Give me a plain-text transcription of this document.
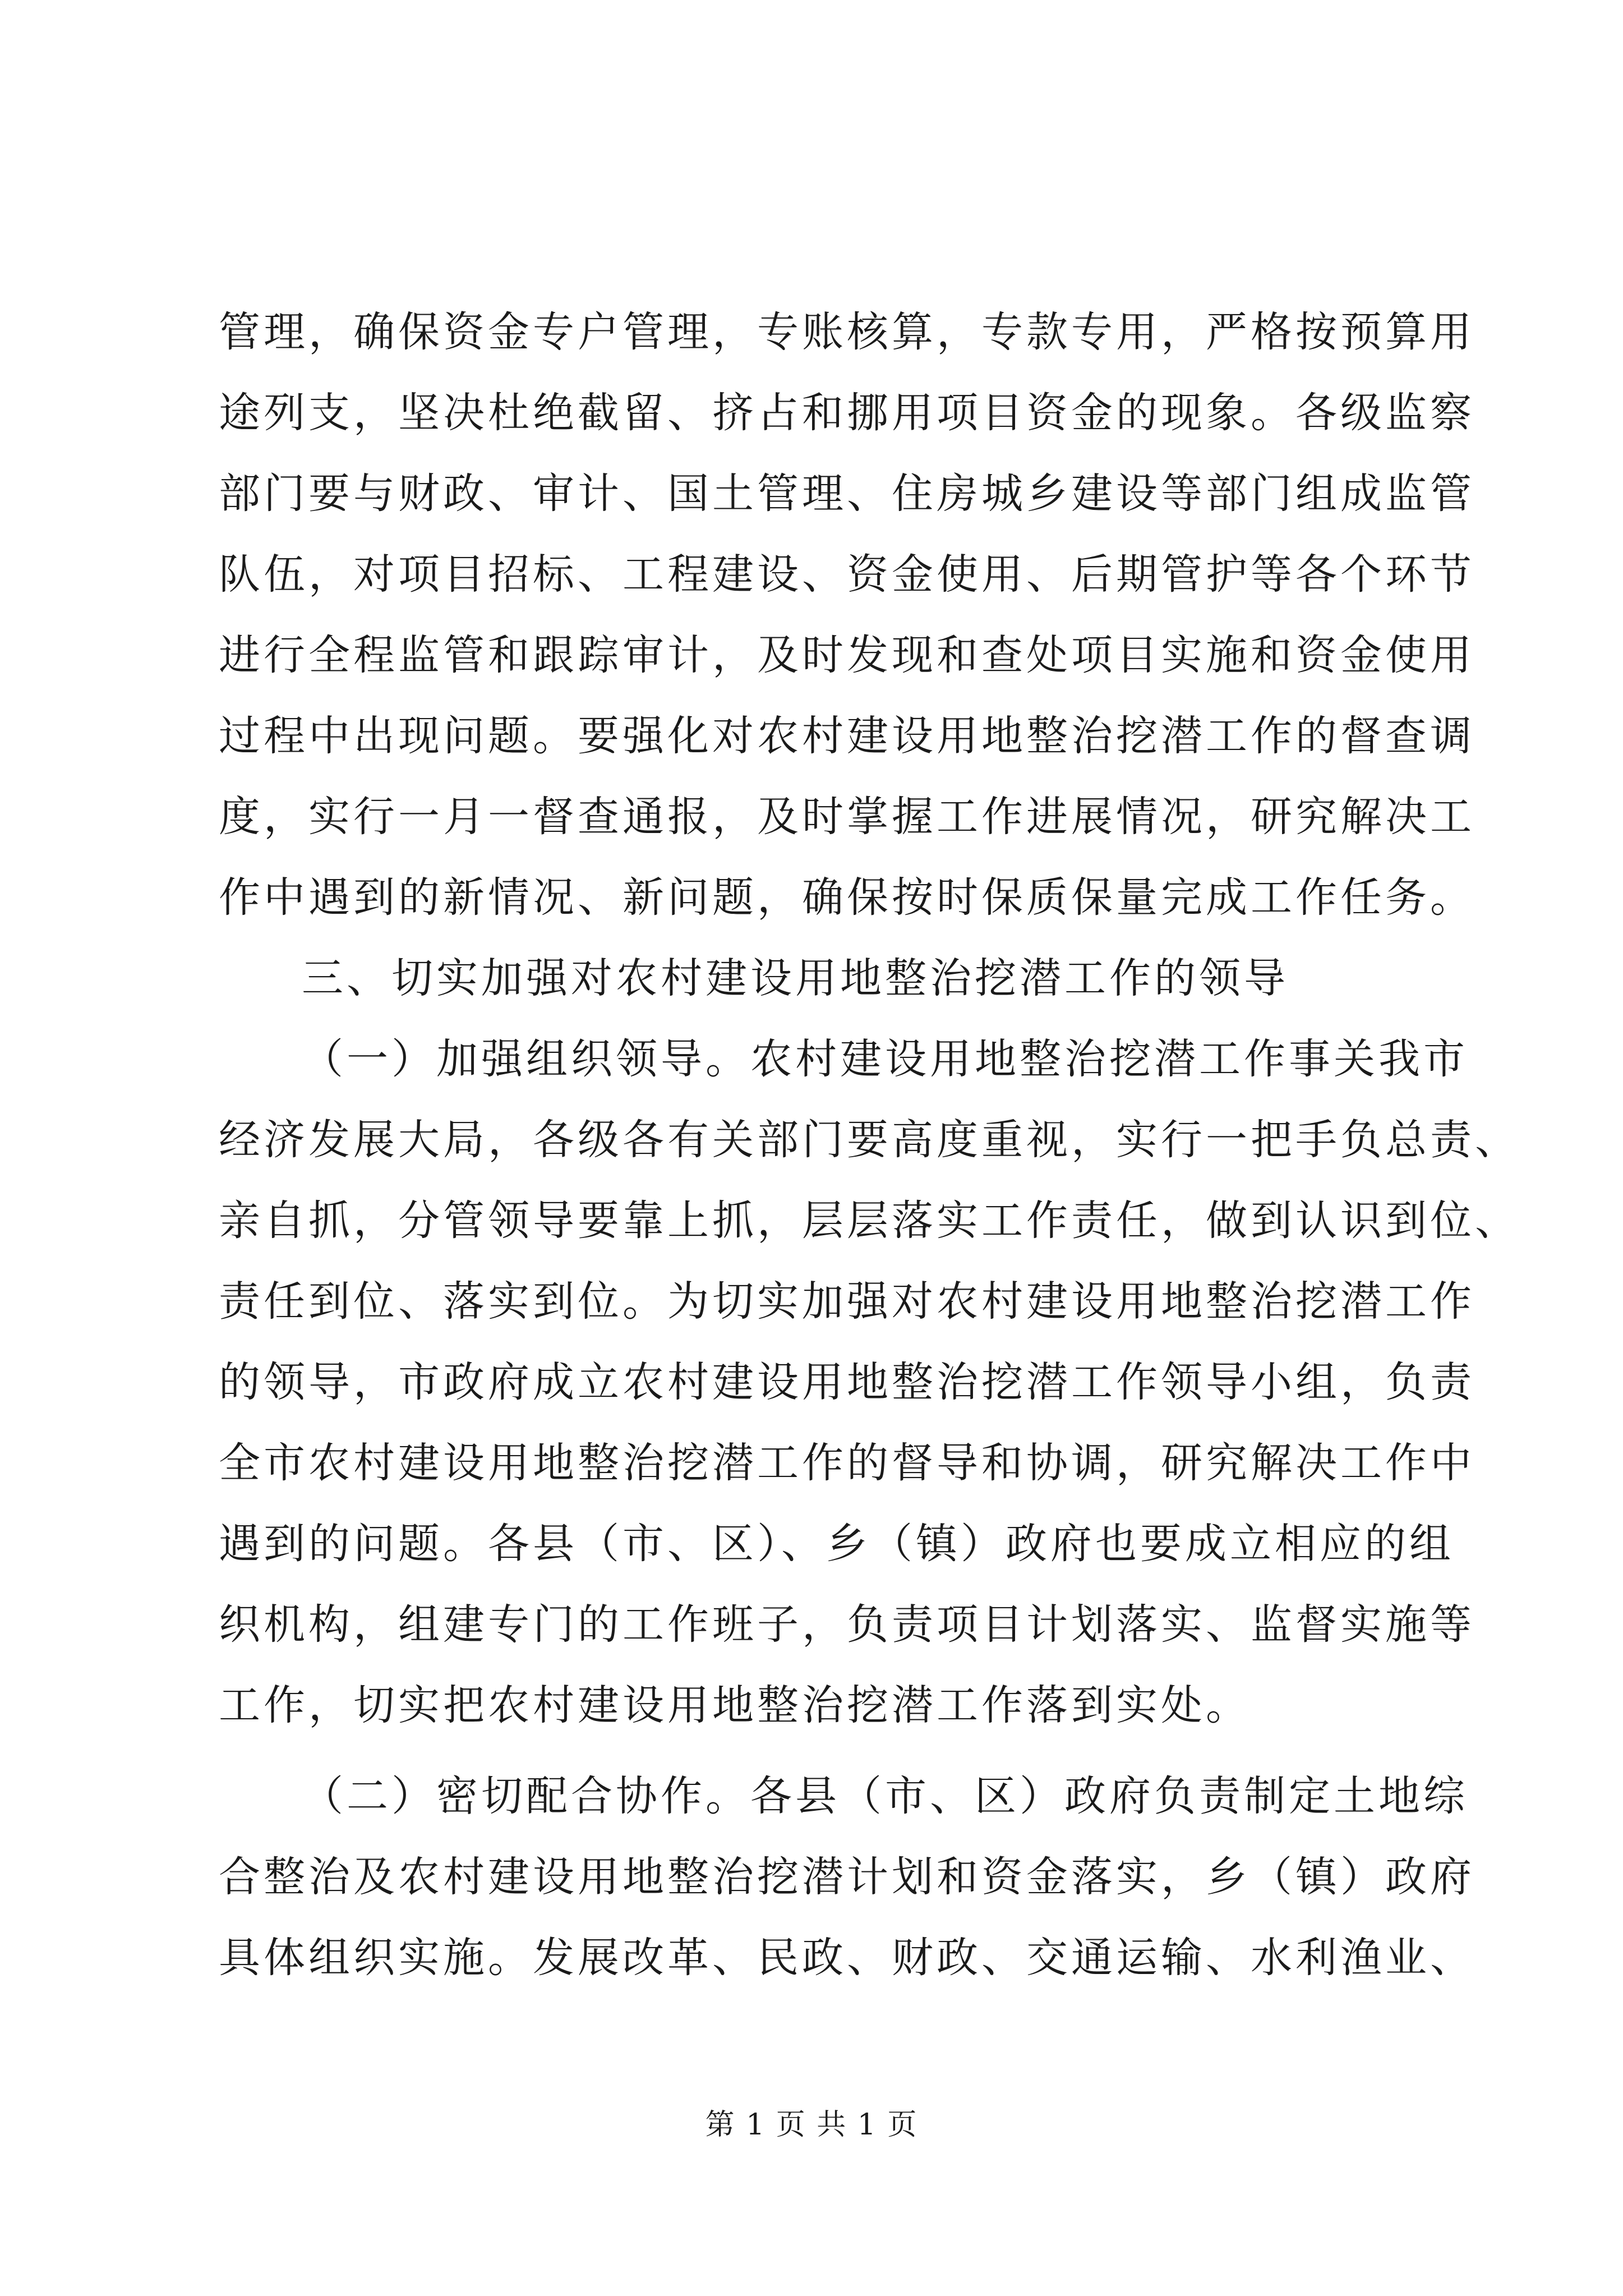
管理，确保资金专户管理，专账核算，专款专用，严格按预算用
途列支，坚决杜绝截留、挤占和挪用项目资金的现象。各级监察
部门要与财政、审计、国土管理、住房城乡建设等部门组成监管
队伍，对项目招标、工程建设、资金使用、后期管护等各个环节
进行全程监管和跟踪审计，及时发现和查处项目实施和资金使用
过程中出现问题。要强化对农村建设用地整治挖潜工作的督查调
度，实行一月一督查通报，及时掌握工作进展情况，研究解决工
作中遇到的新情况、新问题，确保按时保质保量完成工作任务。
三、切实加强对农村建设用地整治挖潜工作的领导
（一）加强组织领导。农村建设用地整治挖潜工作事关我市
经济发展大局，各级各有关部门要高度重视，实行一把手负总责、
亲自抓，分管领导要靠上抓，层层落实工作责任，做到认识到位、
责任到位、落实到位。为切实加强对农村建设用地整治挖潜工作
的领导，市政府成立农村建设用地整治挖潜工作领导小组，负责
全市农村建设用地整治挖潜工作的督导和协调，研究解决工作中
遇到的问题。各县（市、区）、乡（镇）政府也要成立相应的组
织机构，组建专门的工作班子，负责项目计划落实、监督实施等
工作，切实把农村建设用地整治挖潜工作落到实处。
（二）密切配合协作。各县（市、区）政府负责制定土地综
合整治及农村建设用地整治挖潜计划和资金落实，乡（镇）政府
具体组织实施。发展改革、民政、财政、交通运输、水利渔业、
第 1 页 共 1 页
